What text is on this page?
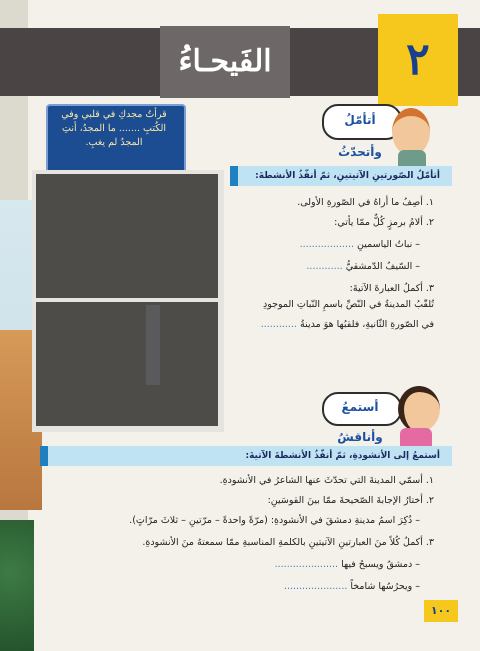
الفَيحـاءُ	٢
قرأتُ مجدكِ في قلبي وفي
الكُتبِ ....... ما المجدُ، أنتِ
المجدُ لم يغبِ.
أتأمّلُ وأتحدّثُ
أتأمّلُ الصّورتينِ الآتيتينِ، ثمّ أنفّذُ الأنشطةَ:
١. أصِفُ ما أراهُ في الصّورةِ الأولى.
٢. ألامُ برمزٍ كُلٌّ ممّا يأتي:
– نباتُ الياسمينِ ..................
– السّيفُ الدّمشقيُّ ............
٣. أكملُ العبارةَ الآتيةَ:
تُلقّبُ المدينةُ في النّصِّ باسمِ النّباتِ الموجودِ
في الصّورةِ الثّانيةِ، فلقبُها هوَ مدينةُ ............
أستمعُ وأناقشُ
أستمعُ إلى الأنشودةِ، ثمّ أنفّذُ الأنشطةَ الآتيةَ:
١. أسمّي المدينةَ التي تحدّثَ عنها الشاعرُ في الأنشودةِ.
٢. أختارُ الإجابةَ الصّحيحةَ ممّا بينَ القوسَينِ:
– ذُكِرَ اسمُ مدينةِ دمشقَ في الأنشودةِ: (مرّةً واحدةً – مرّتينِ – ثلاثَ مرّاتٍ).
٣. أكملُ كُلاً منَ العبارتينِ الآتيتينِ بالكلمةِ المناسبةِ ممّا سمعتهُ منَ الأنشودةِ.
– دمشقُ ويسبحُ فيها .....................
– ويحرُسُها شامخاً .....................
١٠٠
